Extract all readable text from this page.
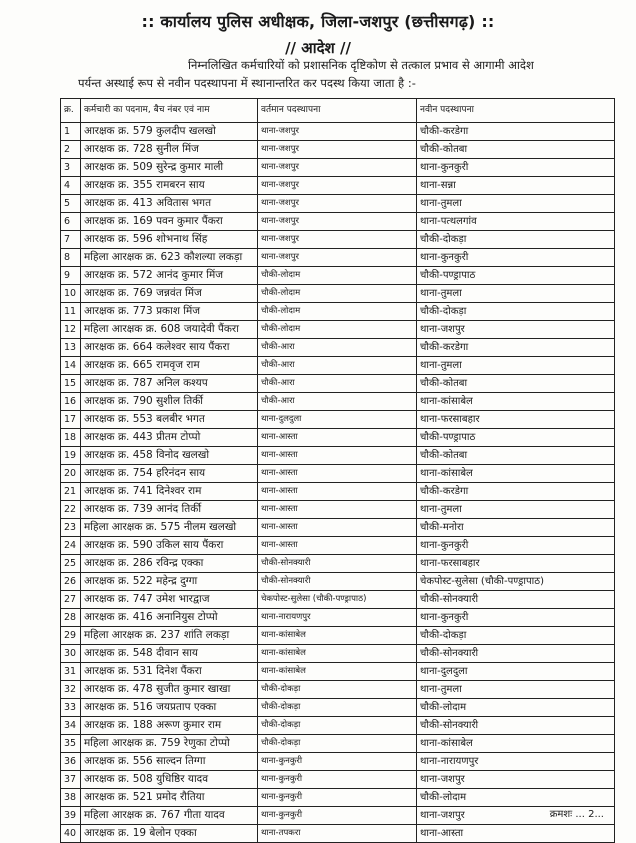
:: कार्यालय पुलिस अधीक्षक, जिला-जशपुर (छत्तीसगढ़) ::
// आदेश //
निम्नलिखित कर्मचारियों को प्रशासनिक दृष्टिकोण से तत्काल प्रभाव से आगामी आदेश
पर्यन्त अस्थाई रूप से नवीन पदस्थापना में स्थानान्तरित कर पदस्थ किया जाता है :-
क्र.	कर्मचारी का पदनाम, बैच नंबर एवं नाम	वर्तमान पदस्थापना	नवीन पदस्थापना
1	आरक्षक क्र. 579 कुलदीप खलखो	थाना-जशपुर	चौकी-करडेगा
2	आरक्षक क्र. 728 सुनील मिंज	थाना-जशपुर	चौकी-कोतबा
3	आरक्षक क्र. 509 सुरेन्द्र कुमार माली	थाना-जशपुर	थाना-कुनकुरी
4	आरक्षक क्र. 355 रामबरन साय	थाना-जशपुर	थाना-सन्ना
5	आरक्षक क्र. 413 अवितास भगत	थाना-जशपुर	थाना-तुमला
6	आरक्षक क्र. 169 पवन कुमार पैंकरा	थाना-जशपुर	थाना-पत्थलगांव
7	आरक्षक क्र. 596 शोभनाथ सिंह	थाना-जशपुर	चौकी-दोकड़ा
8	महिला आरक्षक क्र. 623 कौशल्या लकड़ा	थाना-जशपुर	थाना-कुनकुरी
9	आरक्षक क्र. 572 आनंद कुमार मिंज	चौकी-लोदाम	चौकी-पण्ड्रापाठ
10	आरक्षक क्र. 769 जन्नवंत मिंज	चौकी-लोदाम	थाना-तुमला
11	आरक्षक क्र. 773 प्रकाश मिंज	चौकी-लोदाम	चौकी-दोकड़ा
12	महिला आरक्षक क्र. 608 जयादेवी पैंकरा	चौकी-लोदाम	थाना-जशपुर
13	आरक्षक क्र. 664 कलेश्वर साय पैंकरा	चौकी-आरा	चौकी-करडेगा
14	आरक्षक क्र. 665 रामवृज राम	चौकी-आरा	थाना-तुमला
15	आरक्षक क्र. 787 अनिल कश्यप	चौकी-आरा	चौकी-कोतबा
16	आरक्षक क्र. 790 सुशील तिर्की	चौकी-आरा	थाना-कांसाबेल
17	आरक्षक क्र. 553 बलबीर भगत	थाना-दुलदुला	थाना-फरसाबहार
18	आरक्षक क्र. 443 प्रीतम टोप्पो	थाना-आस्ता	चौकी-पण्ड्रापाठ
19	आरक्षक क्र. 458 विनोद खलखो	थाना-आस्ता	चौकी-कोतबा
20	आरक्षक क्र. 754 हरिनंदन साय	थाना-आस्ता	थाना-कांसाबेल
21	आरक्षक क्र. 741 दिनेश्वर राम	थाना-आस्ता	चौकी-करडेगा
22	आरक्षक क्र. 739 आनंद तिर्की	थाना-आस्ता	थाना-तुमला
23	महिला आरक्षक क्र. 575 नीलम खलखो	थाना-आस्ता	चौकी-मनोरा
24	आरक्षक क्र. 590 उकिल साय पैंकरा	थाना-आस्ता	थाना-कुनकुरी
25	आरक्षक क्र. 286 रविन्द्र एक्का	चौकी-सोनक्यारी	थाना-फरसाबहार
26	आरक्षक क्र. 522 महेन्द्र दुग्गा	चौकी-सोनक्यारी	चेकपोस्ट-सुलेसा (चौकी-पण्ड्रापाठ)
27	आरक्षक क्र. 747 उमेश भारद्वाज	चेकपोस्ट-सुलेसा (चौकी-पण्ड्रापाठ)	चौकी-सोनक्यारी
28	आरक्षक क्र. 416 अनानियुस टोप्पो	थाना-नारायणपुर	थाना-कुनकुरी
29	महिला आरक्षक क्र. 237 शांति लकड़ा	थाना-कांसाबेल	चौकी-दोकड़ा
30	आरक्षक क्र. 548 दीवान साय	थाना-कांसाबेल	चौकी-सोनक्यारी
31	आरक्षक क्र. 531 दिनेश पैंकरा	थाना-कांसाबेल	थाना-दुलदुला
32	आरक्षक क्र. 478 सुजीत कुमार खाखा	चौकी-दोकड़ा	थाना-तुमला
33	आरक्षक क्र. 516 जयप्रताप एक्का	चौकी-दोकड़ा	चौकी-लोदाम
34	आरक्षक क्र. 188 अरूण कुमार राम	चौकी-दोकड़ा	चौकी-सोनक्यारी
35	महिला आरक्षक क्र. 759 रेणुका टोप्पो	चौकी-दोकड़ा	थाना-कांसाबेल
36	आरक्षक क्र. 556 साल्दन तिग्गा	थाना-कुनकुरी	थाना-नारायणपुर
37	आरक्षक क्र. 508 युधिष्ठिर यादव	थाना-कुनकुरी	थाना-जशपुर
38	आरक्षक क्र. 521 प्रमोद रौतिया	थाना-कुनकुरी	चौकी-लोदाम
39	महिला आरक्षक क्र. 767 गीता यादव	थाना-कुनकुरी	थाना-जशपुर
40	आरक्षक क्र. 19 बेलोन एक्का	थाना-तपकरा	थाना-आस्ता
क्रमशः ... 2...
